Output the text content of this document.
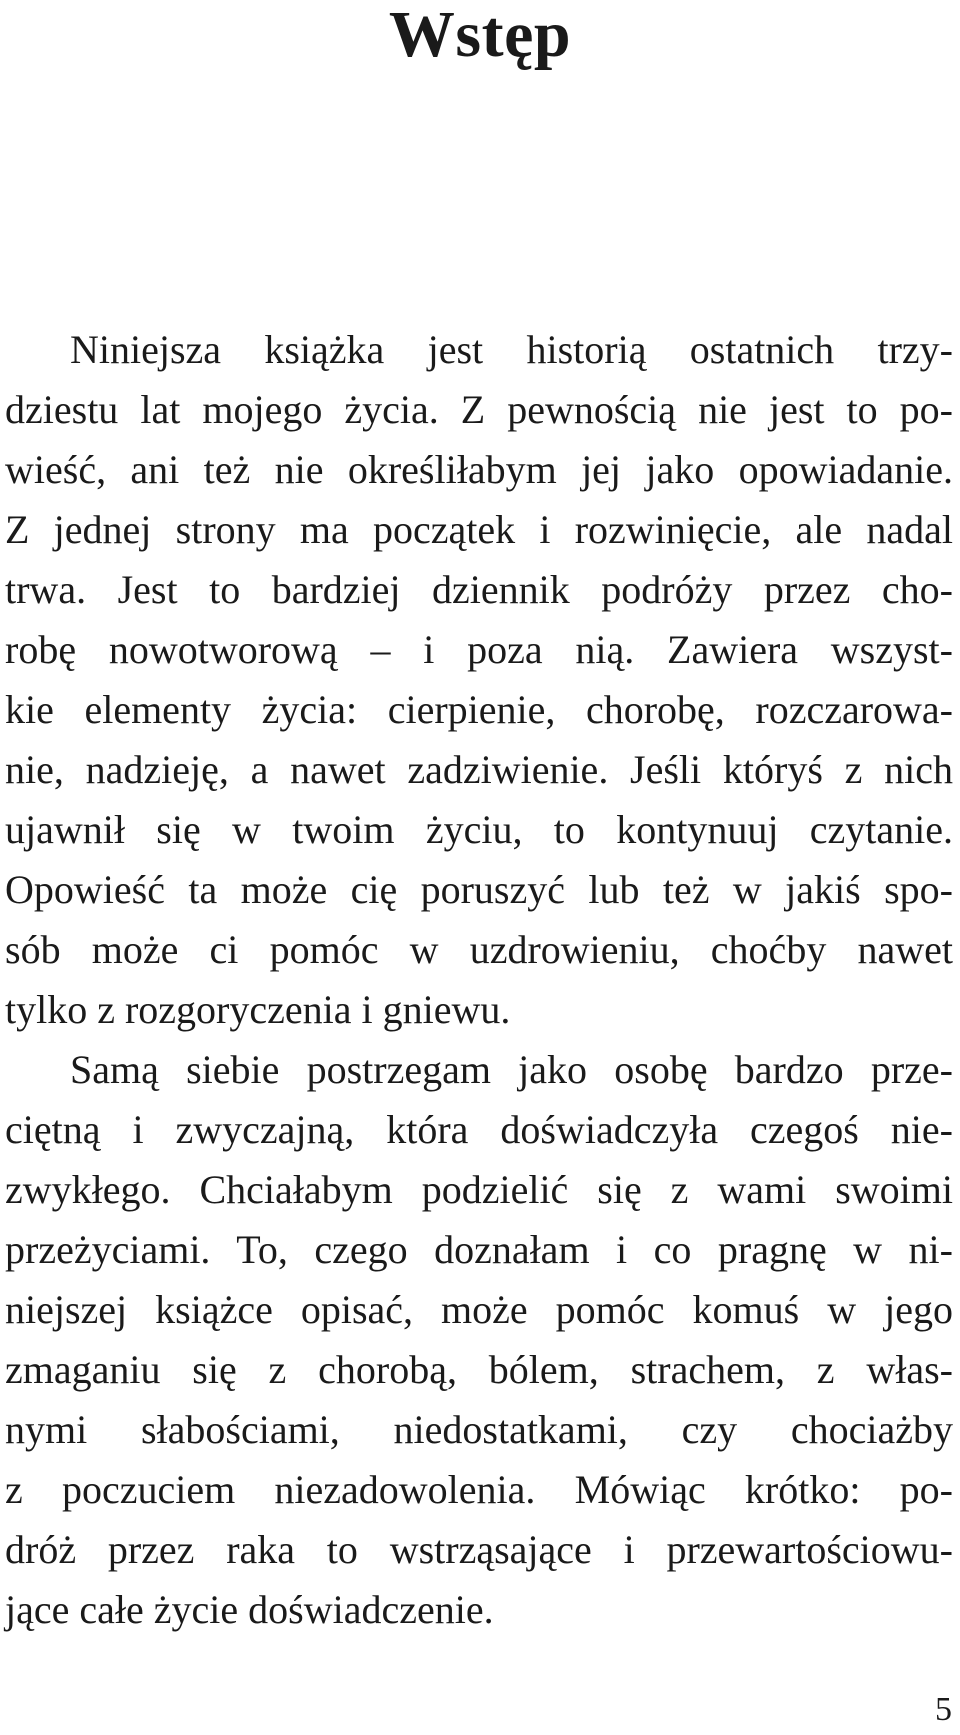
Wstęp
Niniejsza książka jest historią ostatnich trzy-
dziestu lat mojego życia. Z pewnością nie jest to po-
wieść, ani też nie określiłabym jej jako opowiadanie.
Z jednej strony ma początek i rozwinięcie, ale nadal
trwa. Jest to bardziej dziennik podróży przez cho-
robę nowotworową – i poza nią. Zawiera wszyst-
kie elementy życia: cierpienie, chorobę, rozczarowa-
nie, nadzieję, a nawet zadziwienie. Jeśli któryś z nich
ujawnił się w twoim życiu, to kontynuuj czytanie.
Opowieść ta może cię poruszyć lub też w jakiś spo-
sób może ci pomóc w uzdrowieniu, choćby nawet
tylko z rozgoryczenia i gniewu.
Samą siebie postrzegam jako osobę bardzo prze-
ciętną i zwyczajną, która doświadczyła czegoś nie-
zwykłego. Chciałabym podzielić się z wami swoimi
przeżyciami. To, czego doznałam i co pragnę w ni-
niejszej książce opisać, może pomóc komuś w jego
zmaganiu się z chorobą, bólem, strachem, z włas-
nymi słabościami, niedostatkami, czy chociażby
z poczuciem niezadowolenia. Mówiąc krótko: po-
dróż przez raka to wstrząsające i przewartościowu-
jące całe życie doświadczenie.
5
